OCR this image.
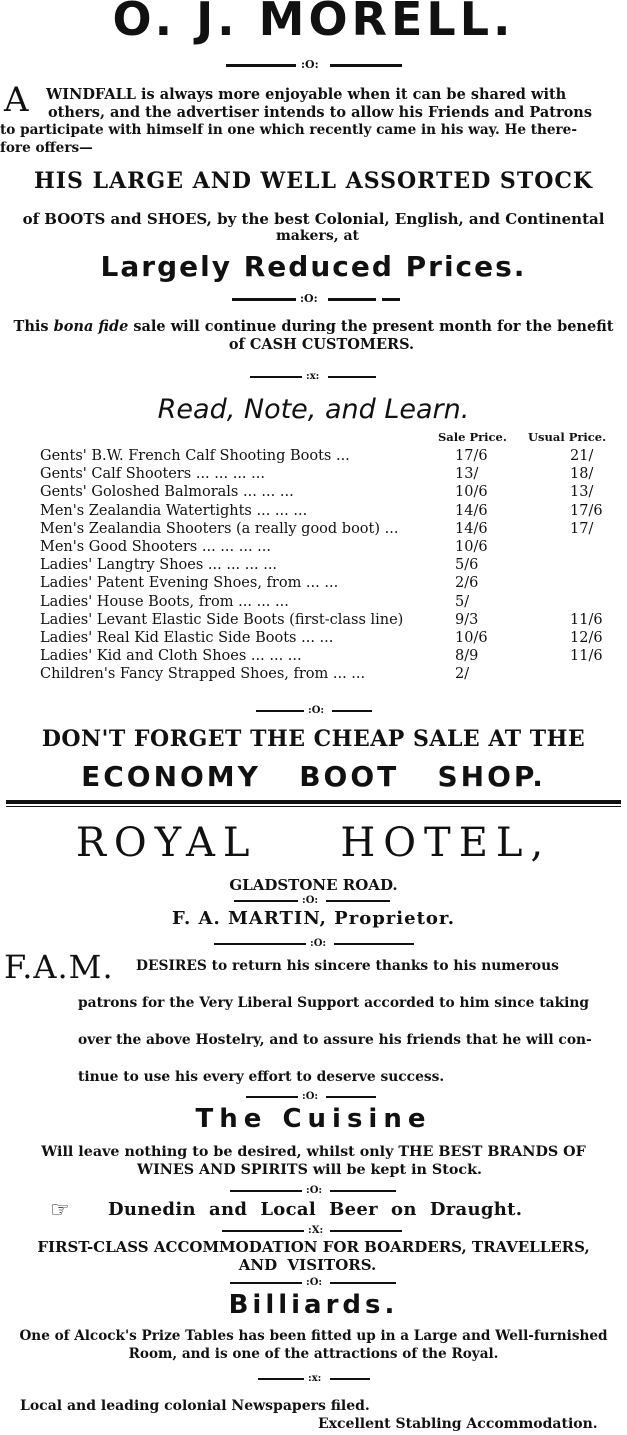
O. J. MORELL.
:O:
A WINDFALL is always more enjoyable when it can be shared with
others, and the advertiser intends to allow his Friends and Patrons
to participate with himself in one which recently came in his way. He there-
fore offers—
HIS LARGE AND WELL ASSORTED STOCK
of BOOTS and SHOES, by the best Colonial, English, and Continental
makers, at
Largely Reduced Prices.
:O:
This bona fide sale will continue during the present month for the benefit
of CASH CUSTOMERS.
:x:
Read, Note, and Learn.
Sale Price. Usual Price.
Gents' B.W. French Calf Shooting Boots ...	17/6	21/
Gents' Calf Shooters ... ... ... ...	13/	18/
Gents' Goloshed Balmorals ... ... ...	10/6	13/
Men's Zealandia Watertights ... ... ...	14/6	17/6
Men's Zealandia Shooters (a really good boot) ...	14/6	17/
Men's Good Shooters ... ... ... ...	10/6
Ladies' Langtry Shoes ... ... ... ...	5/6
Ladies' Patent Evening Shoes, from ... ...	2/6
Ladies' House Boots, from ... ... ...	5/
Ladies' Levant Elastic Side Boots (first-class line)	9/3	11/6
Ladies' Real Kid Elastic Side Boots ... ...	10/6	12/6
Ladies' Kid and Cloth Shoes ... ... ...	8/9	11/6
Children's Fancy Strapped Shoes, from ... ...	2/
:O:
DON'T FORGET THE CHEAP SALE AT THE
ECONOMY   BOOT   SHOP.
ROYAL    HOTEL,
GLADSTONE ROAD.
:O:
F. A. MARTIN, Proprietor.
:O:
F.A.M. DESIRES to return his sincere thanks to his numerous
patrons for the Very Liberal Support accorded to him since taking
over the above Hostelry, and to assure his friends that he will con-
tinue to use his every effort to deserve success.
:O:
The Cuisine
Will leave nothing to be desired, whilst only THE BEST BRANDS OF
WINES AND SPIRITS will be kept in Stock.
:O:
☞ Dunedin  and  Local  Beer  on  Draught.
:X:
FIRST-CLASS ACCOMMODATION FOR BOARDERS, TRAVELLERS,
AND  VISITORS.
:O:
Billiards.
One of Alcock's Prize Tables has been fitted up in a Large and Well-furnished
Room, and is one of the attractions of the Royal.
:x:
Local and leading colonial Newspapers filed.
Excellent Stabling Accommodation.
